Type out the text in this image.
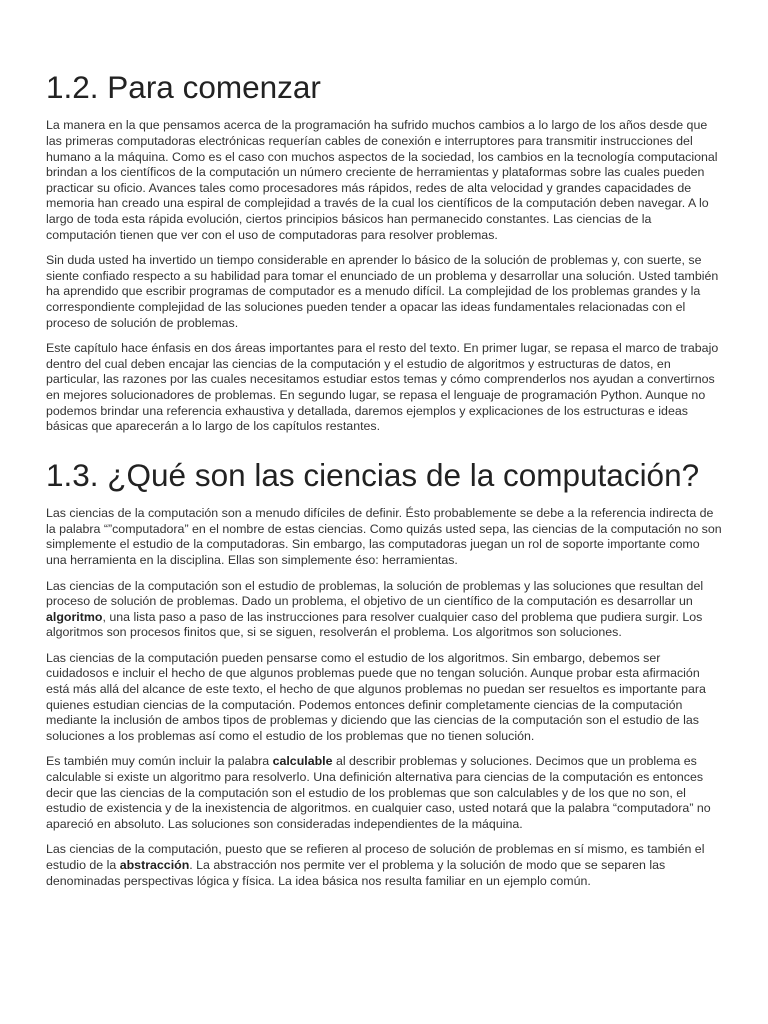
1.2. Para comenzar

La manera en la que pensamos acerca de la programación ha sufrido muchos cambios a lo largo de los años desde que las primeras computadoras electrónicas requerían cables de conexión e interruptores para transmitir instrucciones del humano a la máquina. Como es el caso con muchos aspectos de la sociedad, los cambios en la tecnología computacional brindan a los científicos de la computación un número creciente de herramientas y plataformas sobre las cuales pueden practicar su oficio. Avances tales como procesadores más rápidos, redes de alta velocidad y grandes capacidades de memoria han creado una espiral de complejidad a través de la cual los científicos de la computación deben navegar. A lo largo de toda esta rápida evolución, ciertos principios básicos han permanecido constantes. Las ciencias de la computación tienen que ver con el uso de computadoras para resolver problemas.

Sin duda usted ha invertido un tiempo considerable en aprender lo básico de la solución de problemas y, con suerte, se siente confiado respecto a su habilidad para tomar el enunciado de un problema y desarrollar una solución. Usted también ha aprendido que escribir programas de computador es a menudo difícil. La complejidad de los problemas grandes y la correspondiente complejidad de las soluciones pueden tender a opacar las ideas fundamentales relacionadas con el proceso de solución de problemas.

Este capítulo hace énfasis en dos áreas importantes para el resto del texto. En primer lugar, se repasa el marco de trabajo dentro del cual deben encajar las ciencias de la computación y el estudio de algoritmos y estructuras de datos, en particular, las razones por las cuales necesitamos estudiar estos temas y cómo comprenderlos nos ayudan a convertirnos en mejores solucionadores de problemas. En segundo lugar, se repasa el lenguaje de programación Python. Aunque no podemos brindar una referencia exhaustiva y detallada, daremos ejemplos y explicaciones de los estructuras e ideas básicas que aparecerán a lo largo de los capítulos restantes.

1.3. ¿Qué son las ciencias de la computación?

Las ciencias de la computación son a menudo difíciles de definir. Ésto probablemente se debe a la referencia indirecta de la palabra “”computadora” en el nombre de estas ciencias. Como quizás usted sepa, las ciencias de la computación no son simplemente el estudio de la computadoras. Sin embargo, las computadoras juegan un rol de soporte importante como una herramienta en la disciplina. Ellas son simplemente éso: herramientas.

Las ciencias de la computación son el estudio de problemas, la solución de problemas y las soluciones que resultan del proceso de solución de problemas. Dado un problema, el objetivo de un científico de la computación es desarrollar un algoritmo, una lista paso a paso de las instrucciones para resolver cualquier caso del problema que pudiera surgir. Los algoritmos son procesos finitos que, si se siguen, resolverán el problema. Los algoritmos son soluciones.

Las ciencias de la computación pueden pensarse como el estudio de los algoritmos. Sin embargo, debemos ser cuidadosos e incluir el hecho de que algunos problemas puede que no tengan solución. Aunque probar esta afirmación está más allá del alcance de este texto, el hecho de que algunos problemas no puedan ser resueltos es importante para quienes estudian ciencias de la computación. Podemos entonces definir completamente ciencias de la computación mediante la inclusión de ambos tipos de problemas y diciendo que las ciencias de la computación son el estudio de las soluciones a los problemas así como el estudio de los problemas que no tienen solución.

Es también muy común incluir la palabra calculable al describir problemas y soluciones. Decimos que un problema es calculable si existe un algoritmo para resolverlo. Una definición alternativa para ciencias de la computación es entonces decir que las ciencias de la computación son el estudio de los problemas que son calculables y de los que no son, el estudio de existencia y de la inexistencia de algoritmos. en cualquier caso, usted notará que la palabra “computadora” no apareció en absoluto. Las soluciones son consideradas independientes de la máquina.

Las ciencias de la computación, puesto que se refieren al proceso de solución de problemas en sí mismo, es también el estudio de la abstracción. La abstracción nos permite ver el problema y la solución de modo que se separen las denominadas perspectivas lógica y física. La idea básica nos resulta familiar en un ejemplo común.
